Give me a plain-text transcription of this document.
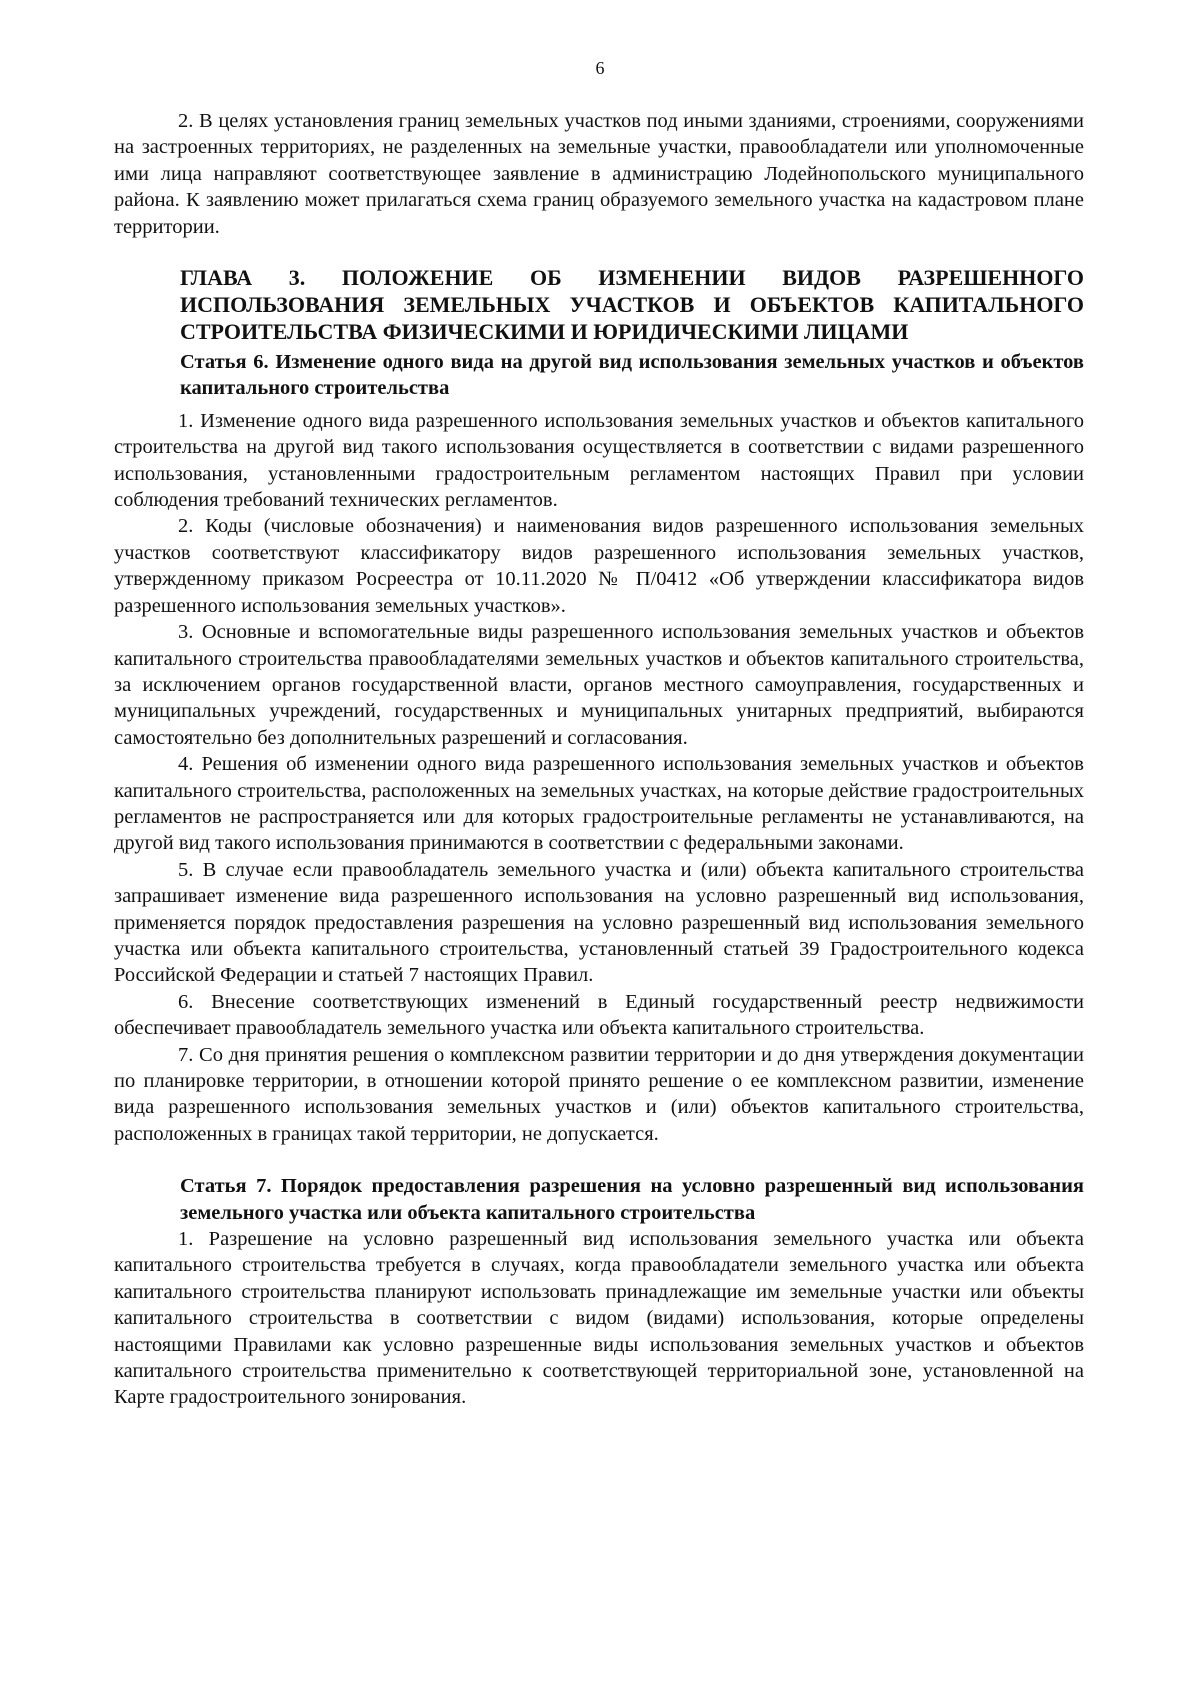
6

2. В целях установления границ земельных участков под иными зданиями, строениями, сооружениями на застроенных территориях, не разделенных на земельные участки, правообладатели или уполномоченные ими лица направляют соответствующее заявление в администрацию Лодейнопольского муниципального района. К заявлению может прилагаться схема границ образуемого земельного участка на кадастровом плане территории.

ГЛАВА 3. ПОЛОЖЕНИЕ ОБ ИЗМЕНЕНИИ ВИДОВ РАЗРЕШЕННОГО ИСПОЛЬЗОВАНИЯ ЗЕМЕЛЬНЫХ УЧАСТКОВ И ОБЪЕКТОВ КАПИТАЛЬНОГО СТРОИТЕЛЬСТВА ФИЗИЧЕСКИМИ И ЮРИДИЧЕСКИМИ ЛИЦАМИ
Статья 6. Изменение одного вида на другой вид использования земельных участков и объектов капитального строительства

1. Изменение одного вида разрешенного использования земельных участков и объектов капитального строительства на другой вид такого использования осуществляется в соответствии с видами разрешенного использования, установленными градостроительным регламентом настоящих Правил при условии соблюдения требований технических регламентов.

2. Коды (числовые обозначения) и наименования видов разрешенного использования земельных участков соответствуют классификатору видов разрешенного использования земельных участков, утвержденному приказом Росреестра от 10.11.2020 № П/0412 «Об утверждении классификатора видов разрешенного использования земельных участков».

3. Основные и вспомогательные виды разрешенного использования земельных участков и объектов капитального строительства правообладателями земельных участков и объектов капитального строительства, за исключением органов государственной власти, органов местного самоуправления, государственных и муниципальных учреждений, государственных и муниципальных унитарных предприятий, выбираются самостоятельно без дополнительных разрешений и согласования.

4. Решения об изменении одного вида разрешенного использования земельных участков и объектов капитального строительства, расположенных на земельных участках, на которые действие градостроительных регламентов не распространяется или для которых градостроительные регламенты не устанавливаются, на другой вид такого использования принимаются в соответствии с федеральными законами.

5. В случае если правообладатель земельного участка и (или) объекта капитального строительства запрашивает изменение вида разрешенного использования на условно разрешенный вид использования, применяется порядок предоставления разрешения на условно разрешенный вид использования земельного участка или объекта капитального строительства, установленный статьей 39 Градостроительного кодекса Российской Федерации и статьей 7 настоящих Правил.

6. Внесение соответствующих изменений в Единый государственный реестр недвижимости обеспечивает правообладатель земельного участка или объекта капитального строительства.

7. Со дня принятия решения о комплексном развитии территории и до дня утверждения документации по планировке территории, в отношении которой принято решение о ее комплексном развитии, изменение вида разрешенного использования земельных участков и (или) объектов капитального строительства, расположенных в границах такой территории, не допускается.

Статья 7. Порядок предоставления разрешения на условно разрешенный вид использования земельного участка или объекта капитального строительства

1. Разрешение на условно разрешенный вид использования земельного участка или объекта капитального строительства требуется в случаях, когда правообладатели земельного участка или объекта капитального строительства планируют использовать принадлежащие им земельные участки или объекты капитального строительства в соответствии с видом (видами) использования, которые определены настоящими Правилами как условно разрешенные виды использования земельных участков и объектов капитального строительства применительно к соответствующей территориальной зоне, установленной на Карте градостроительного зонирования.
